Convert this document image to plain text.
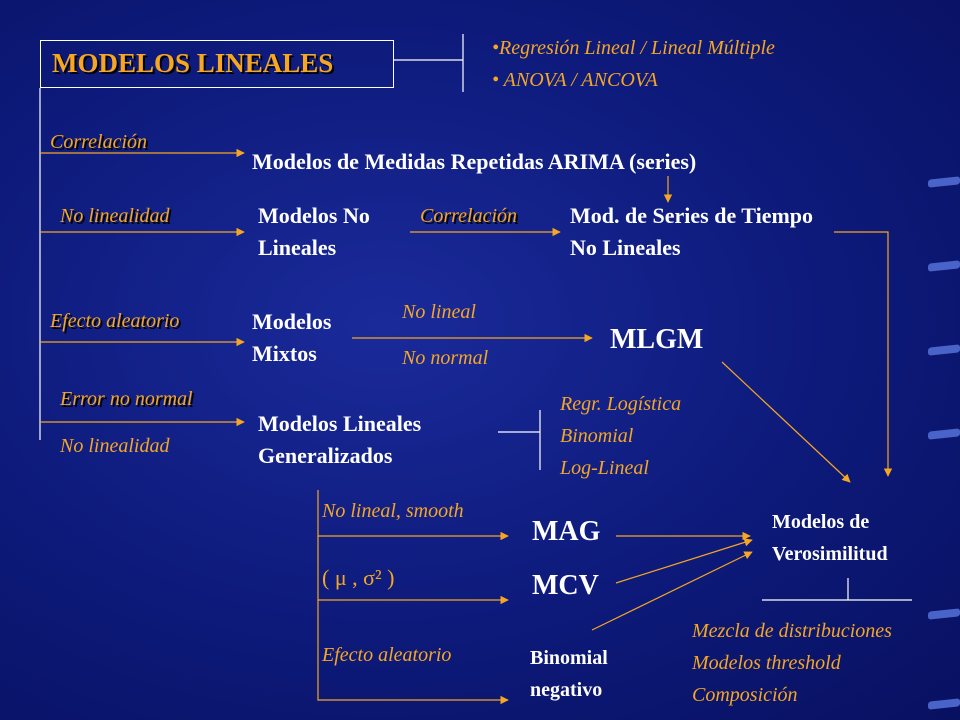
MODELOS LINEALES	•Regresión Lineal / Lineal Múltiple
• ANOVA / ANCOVA
Correlación
No linealidad
Efecto aleatorio
Error no normal
No linealidad
Modelos de Medidas Repetidas ARIMA (series)
Modelos No Lineales
Correlación Mod. de Series de Tiempo No Lineales
Modelos Mixtos
No lineal
No normal
MLGM
Modelos Lineales Generalizados
Regr. Logística
Binomial
Log-Lineal
No lineal, smooth
( μ , σ² )
Efecto aleatorio
MAG
MCV
Binomial negativo
Modelos de Verosimilitud
Mezcla de distribuciones
Modelos threshold
Composición
